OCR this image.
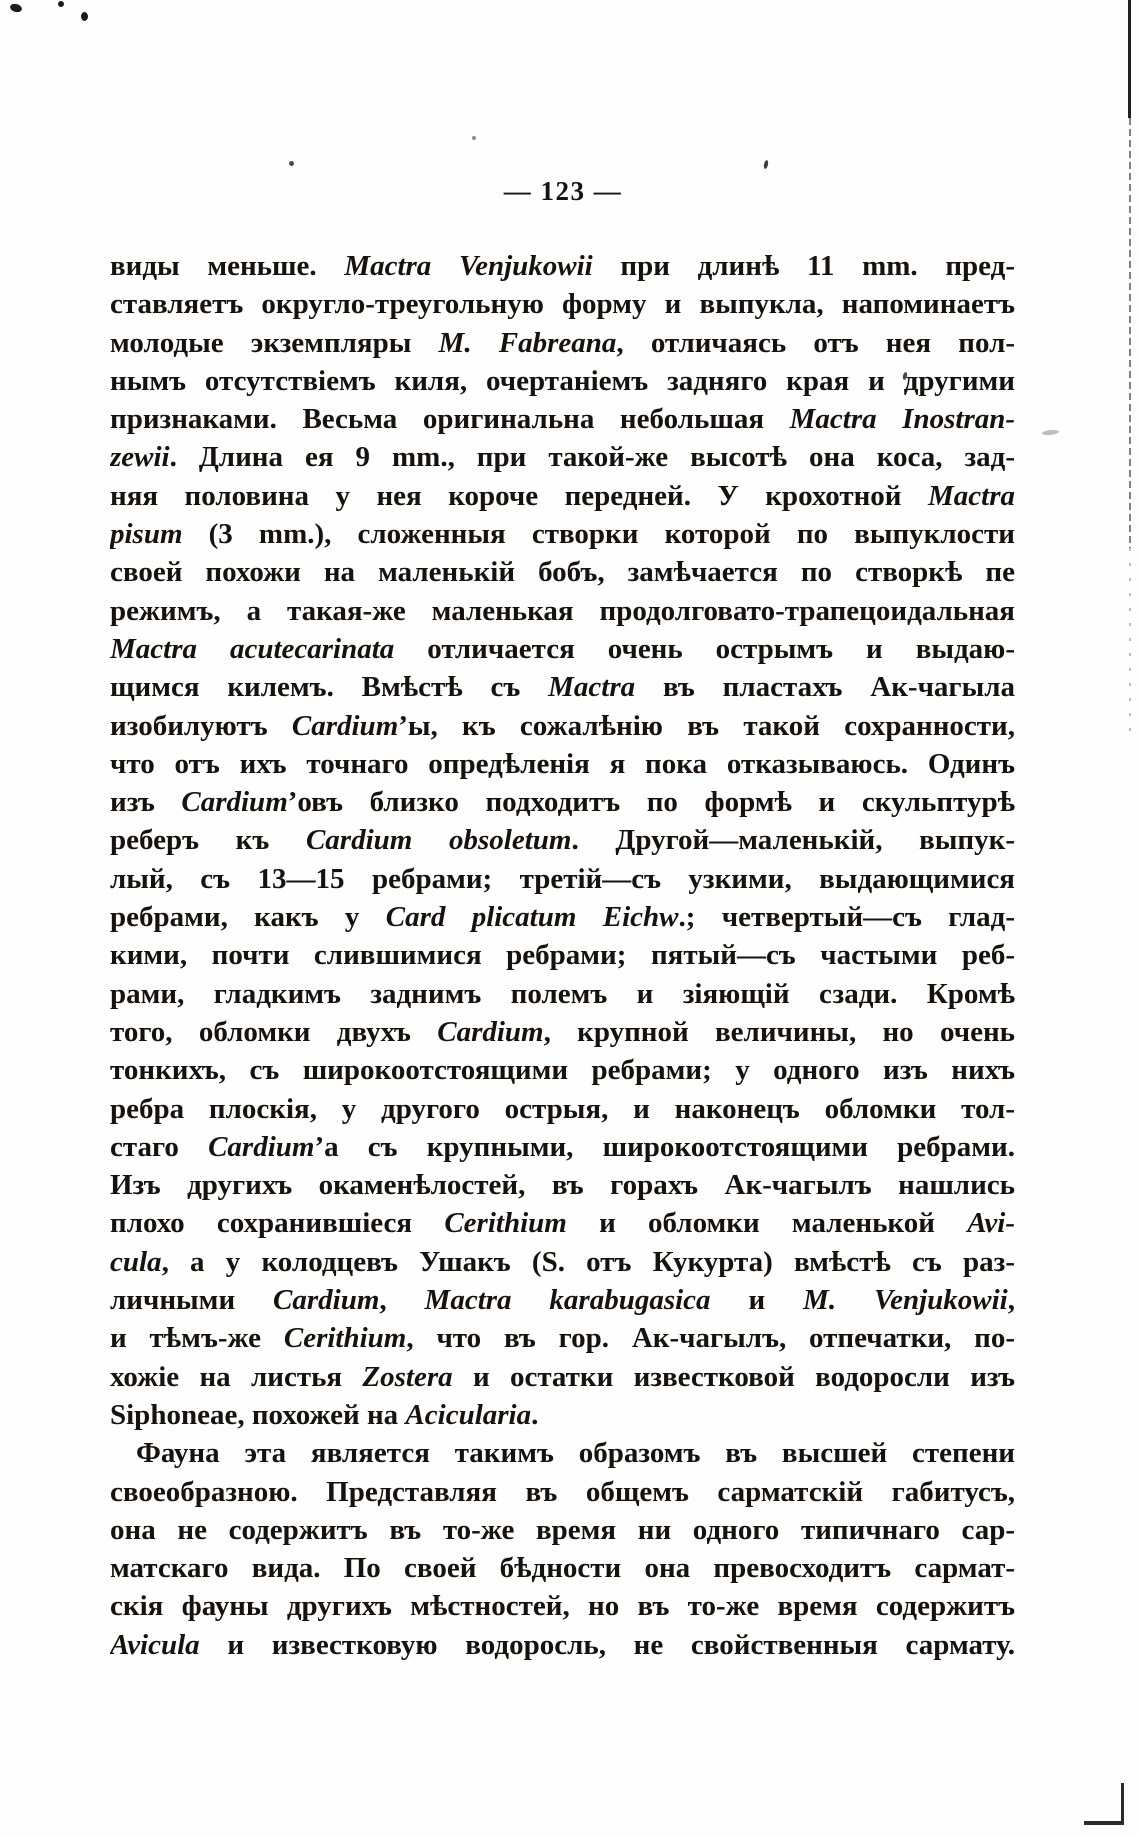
— 123 —
виды меньше. Mactra Venjukowii при длинѣ 11 mm. пред-
ставляетъ округло-треугольную форму и выпукла, напоминаетъ
молодые экземпляры M. Fabreana, отличаясь отъ нея пол-
нымъ отсутствіемъ киля, очертаніемъ задняго края и другими
признаками. Весьма оригинальна небольшая Mactra Inostran-
zewii. Длина ея 9 mm., при такой-же высотѣ она коса, зад-
няя половина у нея короче передней. У крохотной Mactra
pisum (3 mm.), сложенныя створки которой по выпуклости
своей похожи на маленькій бобъ, замѣчается по створкѣ пе
режимъ, а такая-же маленькая продолговато-трапецоидальная
Mactra acutecarinata отличается очень острымъ и выдаю-
щимся килемъ. Вмѣстѣ съ Mactra въ пластахъ Ак-чагыла
изобилуютъ Cardium’ы, къ сожалѣнію въ такой сохранности,
что отъ ихъ точнаго опредѣленія я пока отказываюсь. Одинъ
изъ Cardium’овъ близко подходитъ по формѣ и скульптурѣ
реберъ къ Cardium obsoletum. Другой—маленькій, выпук-
лый, съ 13—15 ребрами; третій—съ узкими, выдающимися
ребрами, какъ у Card plicatum Eichw.; четвертый—съ глад-
кими, почти слившимися ребрами; пятый—съ частыми реб-
рами, гладкимъ заднимъ полемъ и зіяющій сзади. Кромѣ
того, обломки двухъ Cardium, крупной величины, но очень
тонкихъ, съ широкоотстоящими ребрами; у одного изъ нихъ
ребра плоскія, у другого острыя, и наконецъ обломки тол-
стаго Cardium’а съ крупными, широкоотстоящими ребрами.
Изъ другихъ окаменѣлостей, въ горахъ Ак-чагылъ нашлись
плохо сохранившіеся Cerithium и обломки маленькой Avi-
cula, а у колодцевъ Ушакъ (S. отъ Кукурта) вмѣстѣ съ раз-
личными Cardium, Mactra karabugasica и M. Venjukowii,
и тѣмъ-же Cerithium, что въ гор. Ак-чагылъ, отпечатки, по-
хожіе на листья Zostera и остатки известковой водоросли изъ
Siphoneae, похожей на Acicularia.
Фауна эта является такимъ образомъ въ высшей степени
своеобразною. Представляя въ общемъ сарматскій габитусъ,
она не содержитъ въ то-же время ни одного типичнаго сар-
матскаго вида. По своей бѣдности она превосходитъ сармат-
скія фауны другихъ мѣстностей, но въ то-же время содержитъ
Avicula и известковую водоросль, не свойственныя сармату.
